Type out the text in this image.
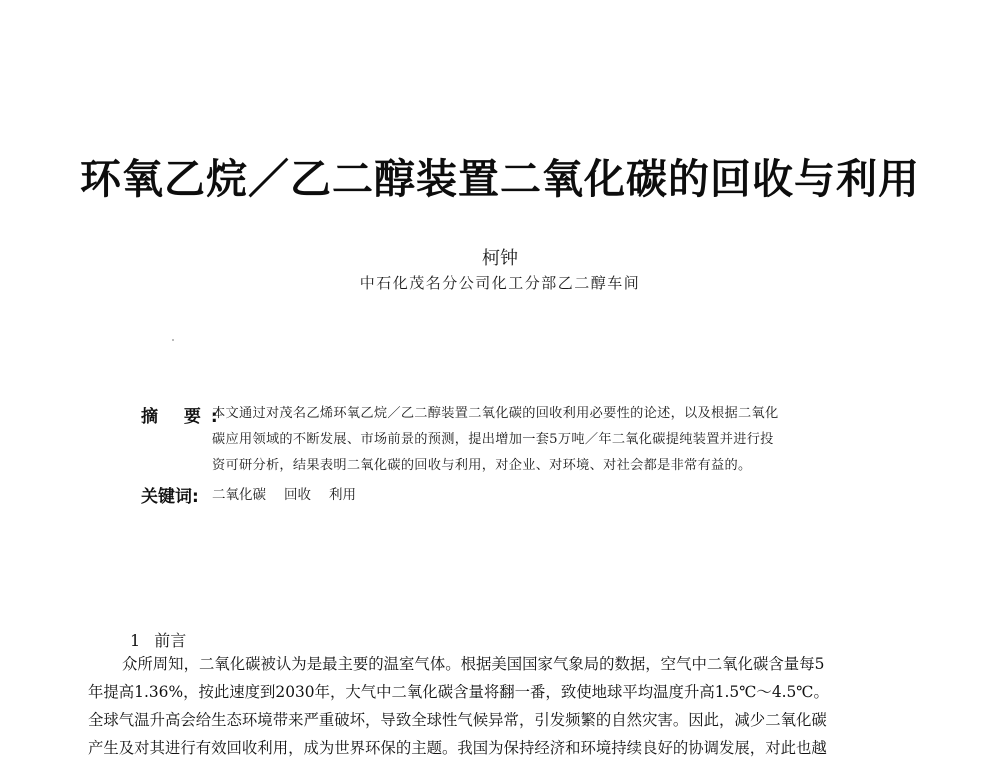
环氧乙烷／乙二醇装置二氧化碳的回收与利用
柯钟
中石化茂名分公司化工分部乙二醇车间
摘 要:
本文通过对茂名乙烯环氧乙烷／乙二醇装置二氧化碳的回收利用必要性的论述，以及根据二氧化
碳应用领域的不断发展、市场前景的预测，提出增加一套5万吨／年二氧化碳提纯装置并进行投
资可研分析，结果表明二氧化碳的回收与利用，对企业、对环境、对社会都是非常有益的。
关键词: 二氧化碳 回收 利用
1 前言
众所周知，二氧化碳被认为是最主要的温室气体。根据美国国家气象局的数据，空气中二氧化碳含量每5
年提高1.36%，按此速度到2030年，大气中二氧化碳含量将翻一番，致使地球平均温度升高1.5℃～4.5℃。
全球气温升高会给生态环境带来严重破坏，导致全球性气候异常，引发频繁的自然灾害。因此，减少二氧化碳
产生及对其进行有效回收利用，成为世界环保的主题。我国为保持经济和环境持续良好的协调发展，对此也越
